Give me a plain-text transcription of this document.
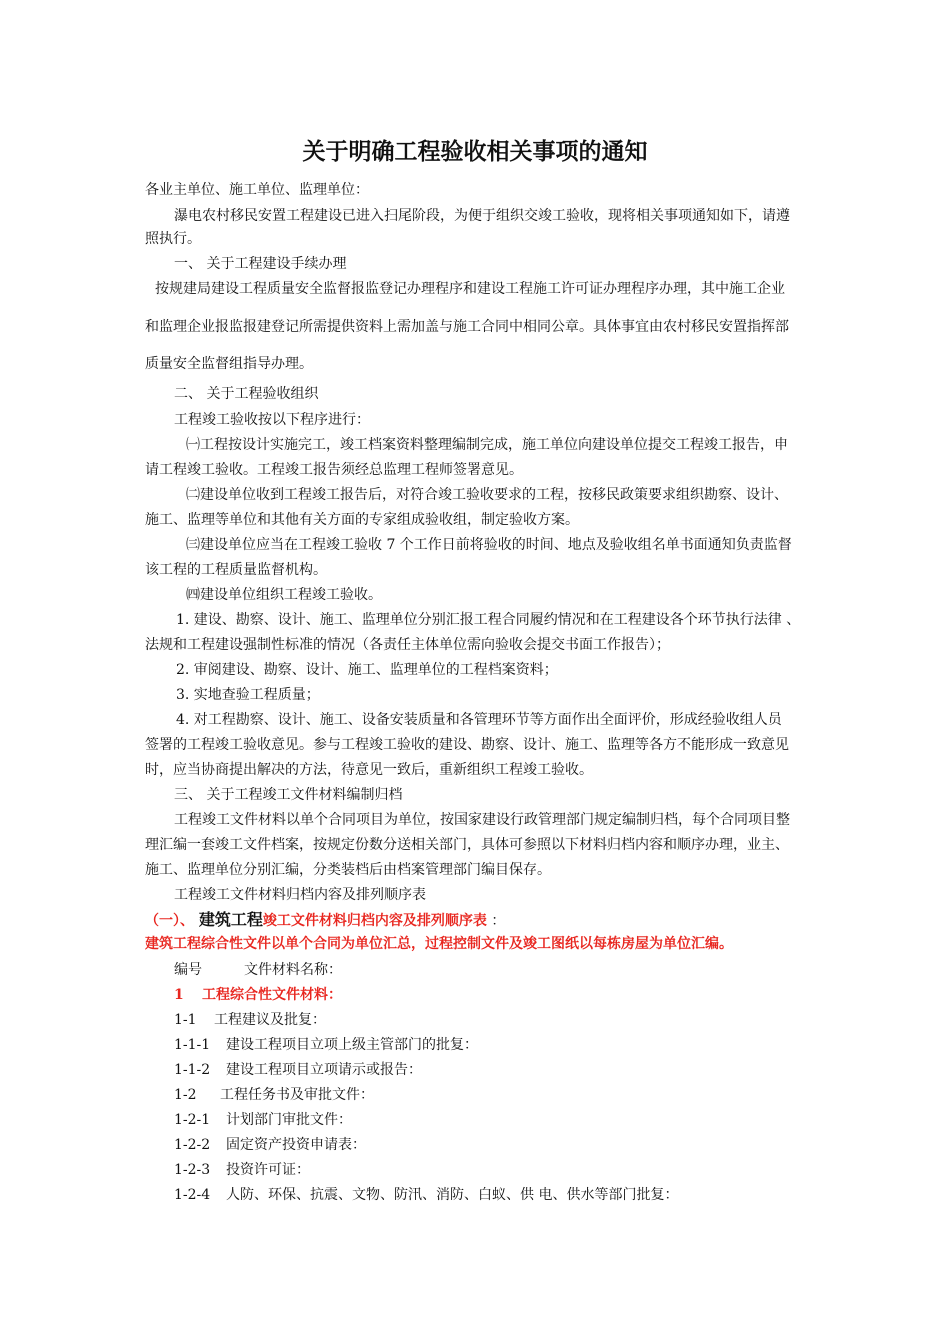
关于明确工程验收相关事项的通知
各业主单位、施工单位、监理单位：
瀑电农村移民安置工程建设已进入扫尾阶段，为便于组织交竣工验收，现将相关事项通知如下，请遵
照执行。
一、 关于工程建设手续办理
按规建局建设工程质量安全监督报监登记办理程序和建设工程施工许可证办理程序办理，其中施工企业
和监理企业报监报建登记所需提供资料上需加盖与施工合同中相同公章。具体事宜由农村移民安置指挥部
质量安全监督组指导办理。
二、 关于工程验收组织
工程竣工验收按以下程序进行：
㈠工程按设计实施完工，竣工档案资料整理编制完成，施工单位向建设单位提交工程竣工报告，申
请工程竣工验收。工程竣工报告须经总监理工程师签署意见。
㈡建设单位收到工程竣工报告后，对符合竣工验收要求的工程，按移民政策要求组织勘察、设计、
施工、监理等单位和其他有关方面的专家组成验收组，制定验收方案。
㈢建设单位应当在工程竣工验收 7 个工作日前将验收的时间、地点及验收组名单书面通知负责监督
该工程的工程质量监督机构。
㈣建设单位组织工程竣工验收。
1. 建设、勘察、设计、施工、监理单位分别汇报工程合同履约情况和在工程建设各个环节执行法律 、
法规和工程建设强制性标准的情况（各责任主体单位需向验收会提交书面工作报告）；
2. 审阅建设、勘察、设计、施工、监理单位的工程档案资料；
3. 实地查验工程质量；
4. 对工程勘察、设计、施工、设备安装质量和各管理环节等方面作出全面评价，形成经验收组人员
签署的工程竣工验收意见。参与工程竣工验收的建设、勘察、设计、施工、监理等各方不能形成一致意见
时，应当协商提出解决的方法，待意见一致后，重新组织工程竣工验收。
三、 关于工程竣工文件材料编制归档
工程竣工文件材料以单个合同项目为单位，按国家建设行政管理部门规定编制归档，每个合同项目整
理汇编一套竣工文件档案，按规定份数分送相关部门，具体可参照以下材料归档内容和顺序办理，业主、
施工、监理单位分别汇编，分类装档后由档案管理部门编目保存。
工程竣工文件材料归档内容及排列顺序表
（一）、 建筑工程竣工文件材料归档内容及排列顺序表 ：
建筑工程综合性文件以单个合同为单位汇总，过程控制文件及竣工图纸以每栋房屋为单位汇编。
编号	文件材料名称：
1 工程综合性文件材料：
1-1 工程建议及批复：
1-1-1 建设工程项目立项上级主管部门的批复：
1-1-2 建设工程项目立项请示或报告：
1-2 工程任务书及审批文件：
1-2-1 计划部门审批文件：
1-2-2 固定资产投资申请表：
1-2-3 投资许可证：
1-2-4 人防、环保、抗震、文物、防汛、消防、白蚁、供 电、供水等部门批复：
